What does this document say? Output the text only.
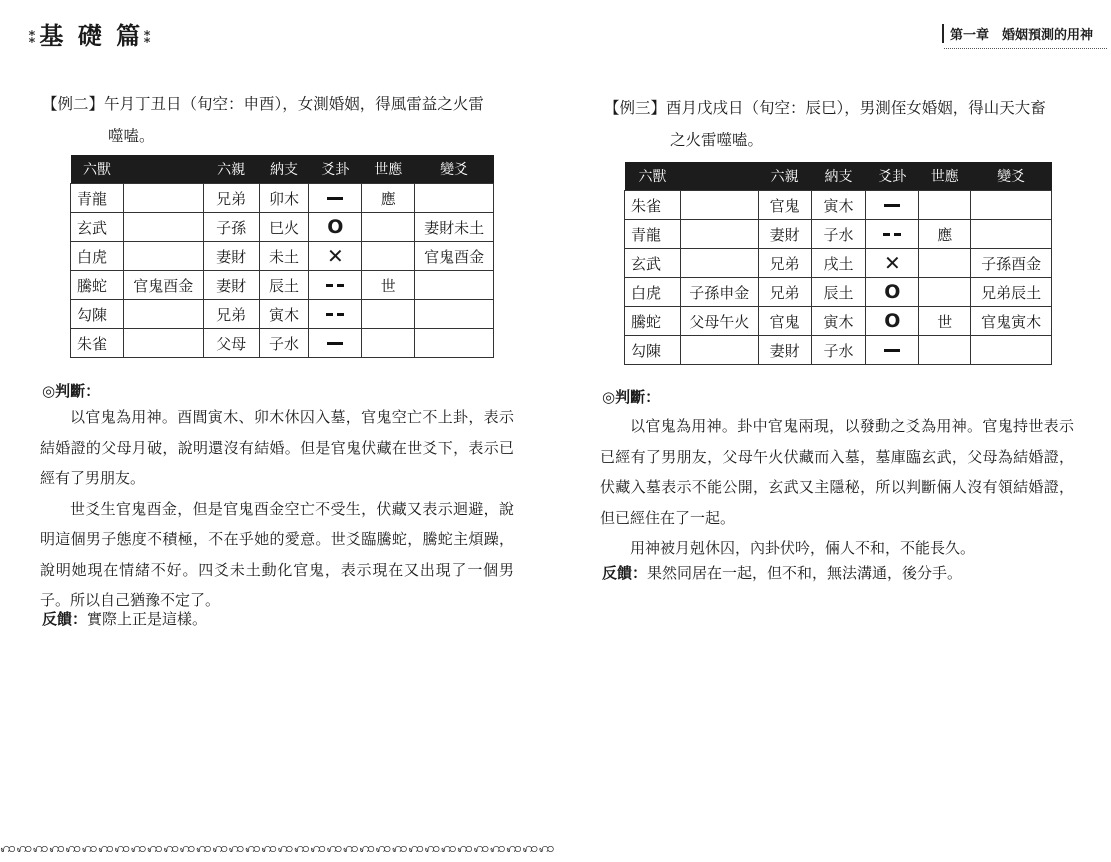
⁑基 礎 篇⁑
【例二】午月丁丑日（旬空：申酉），女測婚姻，得風雷益之火雷
噬嗑。
六獸		六親	納支	爻卦	世應	變爻
青龍		兄弟	卯木		應	
玄武		子孫	巳火	O		妻財未土
白虎		妻財	未土	✕		官鬼酉金
騰蛇	官鬼酉金	妻財	辰土		世	
勾陳		兄弟	寅木			
朱雀		父母	子水			
◎判斷：

以官鬼為用神。酉閭寅木、卯木休囚入墓，官鬼空亡不上卦，表示結婚證的父母月破，說明還沒有結婚。但是官鬼伏藏在世爻下，表示已經有了男朋友。

世爻生官鬼酉金，但是官鬼酉金空亡不受生，伏藏又表示迴避，說明這個男子態度不積極，不在乎她的愛意。世爻臨騰蛇，騰蛇主煩躁，說明她現在情緒不好。四爻未土動化官鬼，表示現在又出現了一個男子。所以自己猶豫不定了。

反饋：實際上正是這樣。
第一章　婚姻預測的用神
【例三】酉月戊戌日（旬空：辰巳），男測侄女婚姻，得山天大畜
之火雷噬嗑。
六獸		六親	納支	爻卦	世應	變爻
朱雀		官鬼	寅木			
青龍		妻財	子水		應	
玄武		兄弟	戌土	✕		子孫酉金
白虎	子孫申金	兄弟	辰土	O		兄弟辰土
騰蛇	父母午火	官鬼	寅木	O	世	官鬼寅木
勾陳		妻財	子水			
◎判斷：

以官鬼為用神。卦中官鬼兩現，以發動之爻為用神。官鬼持世表示已經有了男朋友，父母午火伏藏而入墓，墓庫臨玄武，父母為結婚證，伏藏入墓表示不能公開，玄武又主隱秘，所以判斷倆人沒有領結婚證，但已經住在了一起。

用神被月剋休囚，內卦伏吟，倆人不和，不能長久。

反饋：果然同居在一起，但不和，無法溝通，後分手。
ꩲꩲꩲꩲꩲꩲꩲꩲꩲꩲꩲꩲꩲꩲꩲꩲꩲꩲꩲꩲꩲꩲꩲꩲꩲꩲꩲꩲꩲꩲꩲꩲꩲꩲ
